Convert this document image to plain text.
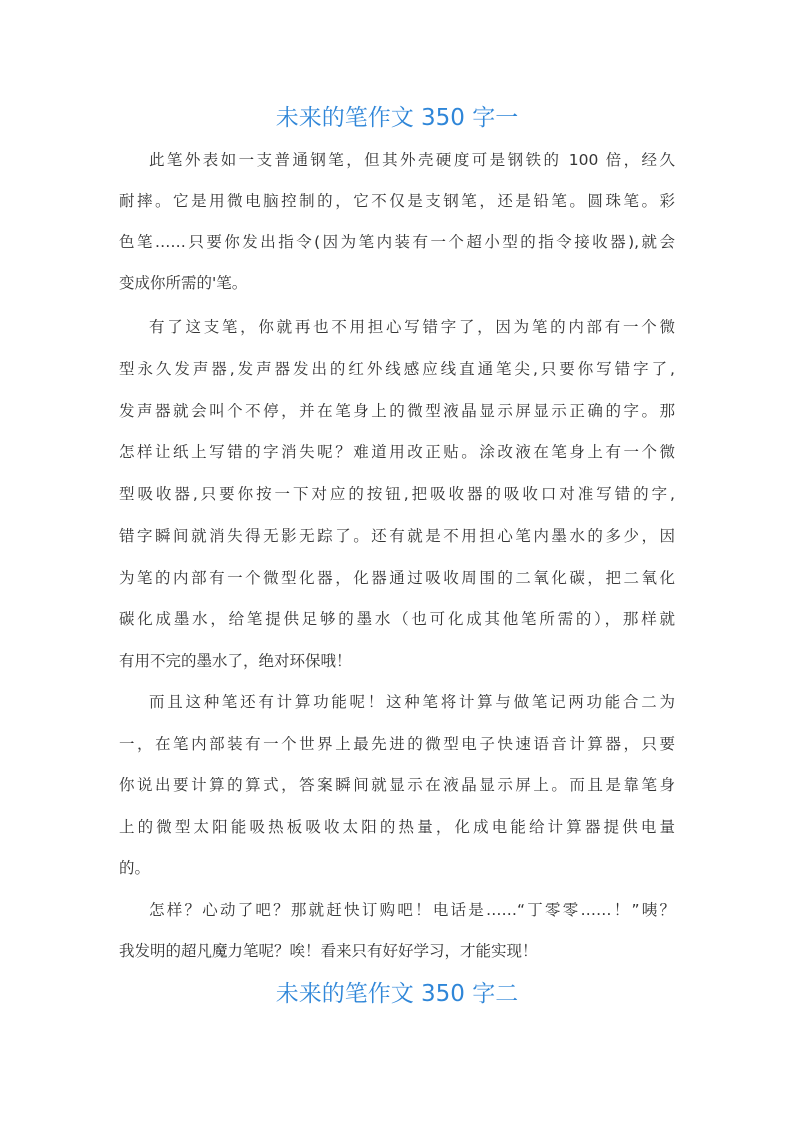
未来的笔作文 350 字一
此笔外表如一支普通钢笔，但其外壳硬度可是钢铁的 100 倍，经久
耐摔。它是用微电脑控制的，它不仅是支钢笔，还是铅笔。圆珠笔。彩
色笔……只要你发出指令(因为笔内装有一个超小型的指令接收器),就会
变成你所需的'笔。
有了这支笔，你就再也不用担心写错字了，因为笔的内部有一个微
型永久发声器,发声器发出的红外线感应线直通笔尖,只要你写错字了,
发声器就会叫个不停，并在笔身上的微型液晶显示屏显示正确的字。那
怎样让纸上写错的字消失呢？难道用改正贴。涂改液在笔身上有一个微
型吸收器,只要你按一下对应的按钮,把吸收器的吸收口对准写错的字,
错字瞬间就消失得无影无踪了。还有就是不用担心笔内墨水的多少，因
为笔的内部有一个微型化器，化器通过吸收周围的二氧化碳，把二氧化
碳化成墨水，给笔提供足够的墨水（也可化成其他笔所需的），那样就
有用不完的墨水了，绝对环保哦！
而且这种笔还有计算功能呢！这种笔将计算与做笔记两功能合二为
一，在笔内部装有一个世界上最先进的微型电子快速语音计算器，只要
你说出要计算的算式，答案瞬间就显示在液晶显示屏上。而且是靠笔身
上的微型太阳能吸热板吸收太阳的热量，化成电能给计算器提供电量
的。
怎样？心动了吧？那就赶快订购吧！电话是……“丁零零……！”咦？
我发明的超凡魔力笔呢？唉！看来只有好好学习，才能实现！
未来的笔作文 350 字二
